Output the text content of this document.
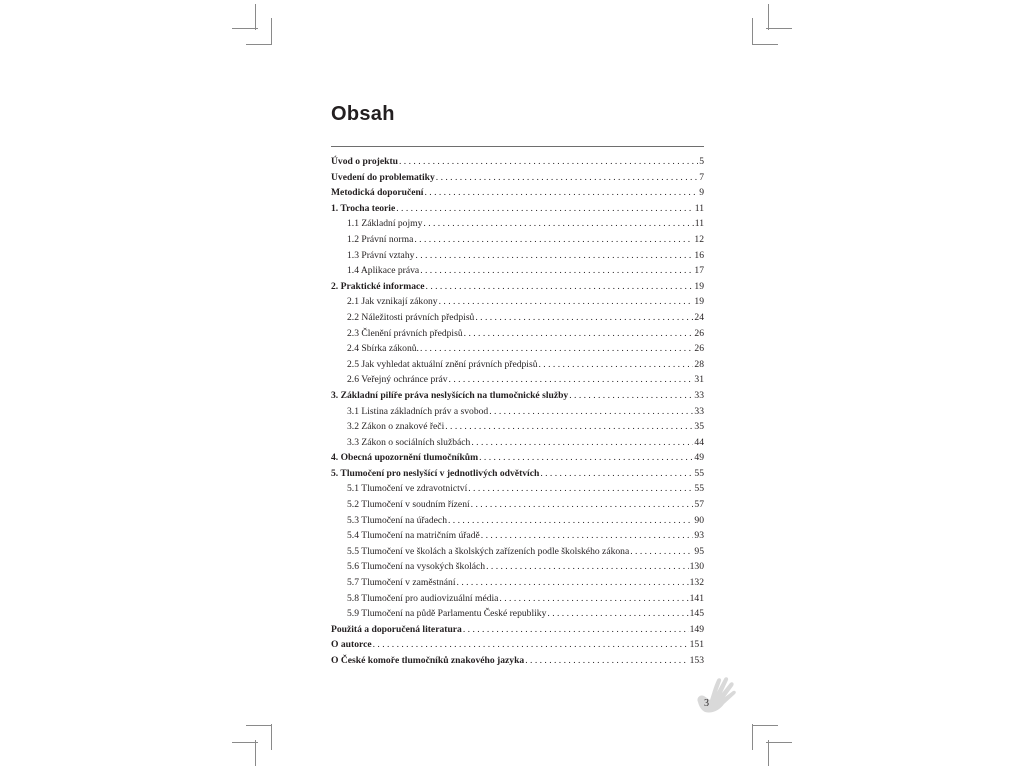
Obsah
Úvod o projektu . . .	5
Uvedení do problematiky . . .	7
Metodická doporučení . . .	9
1. Trocha teorie . . .	11
1.1 Základní pojmy . . .	11
1.2 Právní norma . . .	12
1.3 Právní vztahy . . .	16
1.4 Aplikace práva . . .	17
2. Praktické informace . . .	19
2.1 Jak vznikají zákony . . .	19
2.2 Náležitosti právních předpisů . . .	24
2.3 Členění právních předpisů . . .	26
2.4 Sbírka zákonů. . . .	26
2.5 Jak vyhledat aktuální znění právních předpisů . . .	28
2.6 Veřejný ochránce práv . . .	31
3. Základní pilíře práva neslyšících na tlumočnické služby . . .	33
3.1 Listina základních práv a svobod . . .	33
3.2 Zákon o znakové řeči . . .	35
3.3 Zákon o sociálních službách . . .	44
4. Obecná upozornění tlumočníkům . . .	49
5. Tlumočení pro neslyšící v jednotlivých odvětvích . . .	55
5.1 Tlumočení ve zdravotnictví . . .	55
5.2 Tlumočení v soudním řízení . . .	57
5.3 Tlumočení na úřadech . . .	90
5.4 Tlumočení na matričním úřadě . . .	93
5.5 Tlumočení ve školách a školských zařízeních podle školského zákona . . .	95
5.6 Tlumočení na vysokých školách . . .	130
5.7 Tlumočení v zaměstnání . . .	132
5.8 Tlumočení pro audiovizuální média . . .	141
5.9 Tlumočení na půdě Parlamentu České republiky . . .	145
Použitá a doporučená literatura . . .	149
O autorce . . .	151
O České komoře tlumočníků znakového jazyka . . .	153
3
